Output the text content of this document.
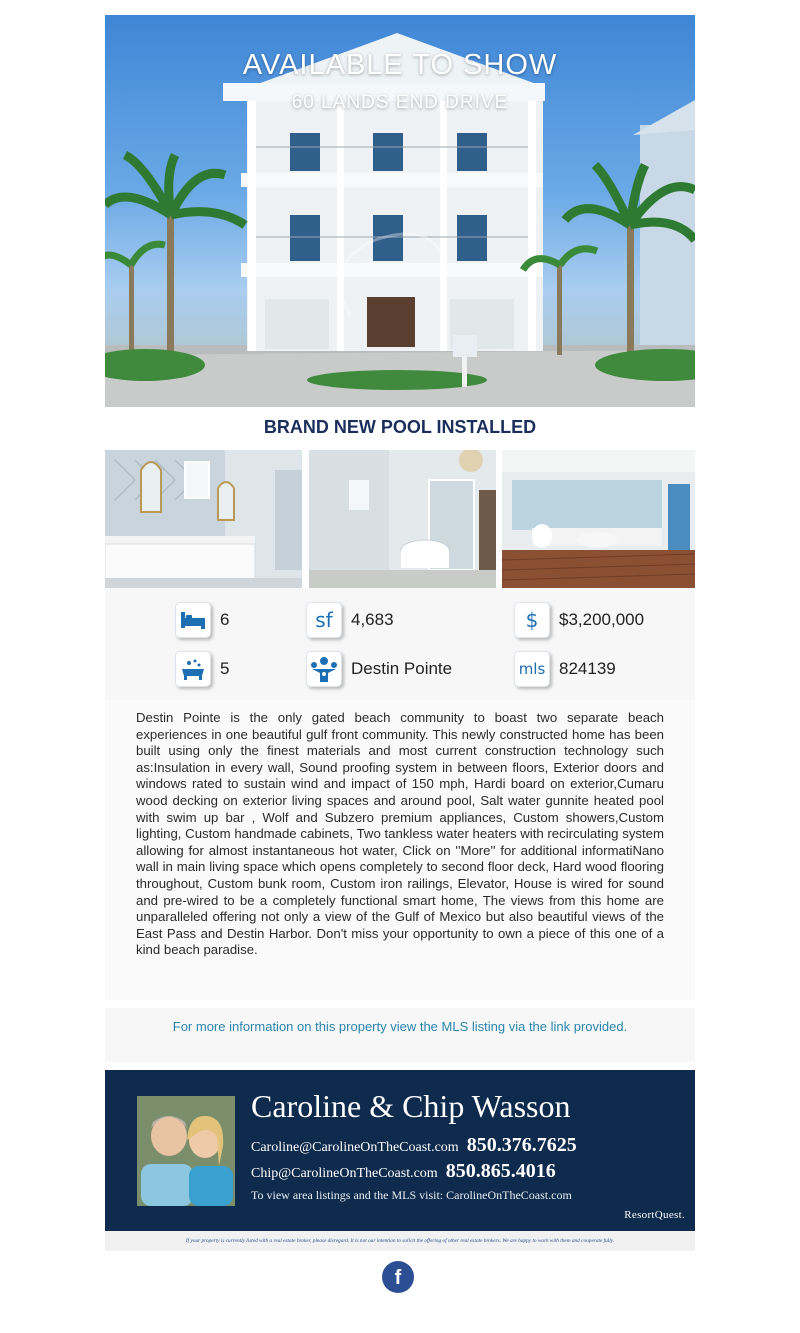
AVAILABLE TO SHOW
60 LANDS END DRIVE
BRAND NEW POOL INSTALLED
6
5
sf	4,683
Destin Pointe
$	$3,200,000
mls 824139

Destin Pointe is the only gated beach community to boast two separate beach experiences in one beautiful gulf front community. This newly constructed home has been built using only the finest materials and most current construction technology such as:Insulation in every wall, Sound proofing system in between floors, Exterior doors and windows rated to sustain wind and impact of 150 mph, Hardi board on exterior,Cumaru wood decking on exterior living spaces and around pool, Salt water gunnite heated pool with swim up bar , Wolf and Subzero premium appliances, Custom showers,Custom lighting, Custom handmade cabinets, Two tankless water heaters with recirculating system allowing for almost instantaneous hot water, Click on ''More'' for additional informatiNano wall in main living space which opens completely to second floor deck, Hard wood flooring throughout, Custom bunk room, Custom iron railings, Elevator, House is wired for sound and pre-wired to be a completely functional smart home, The views from this home are unparalleled offering not only a view of the Gulf of Mexico but also beautiful views of the East Pass and Destin Harbor. Don't miss your opportunity to own a piece of this one of a kind beach paradise.

For more information on this property view the MLS listing via the link provided.
Caroline & Chip Wasson
Caroline@CarolineOnTheCoast.com 850.376.7625
Chip@CarolineOnTheCoast.com 850.865.4016
To view area listings and the MLS visit: CarolineOnTheCoast.com
ResortQuest.
If your property is currently listed with a real estate broker, please disregard. It is not our intention to solicit the offering of other real estate brokers. We are happy to work with them and cooperate fully.
f
